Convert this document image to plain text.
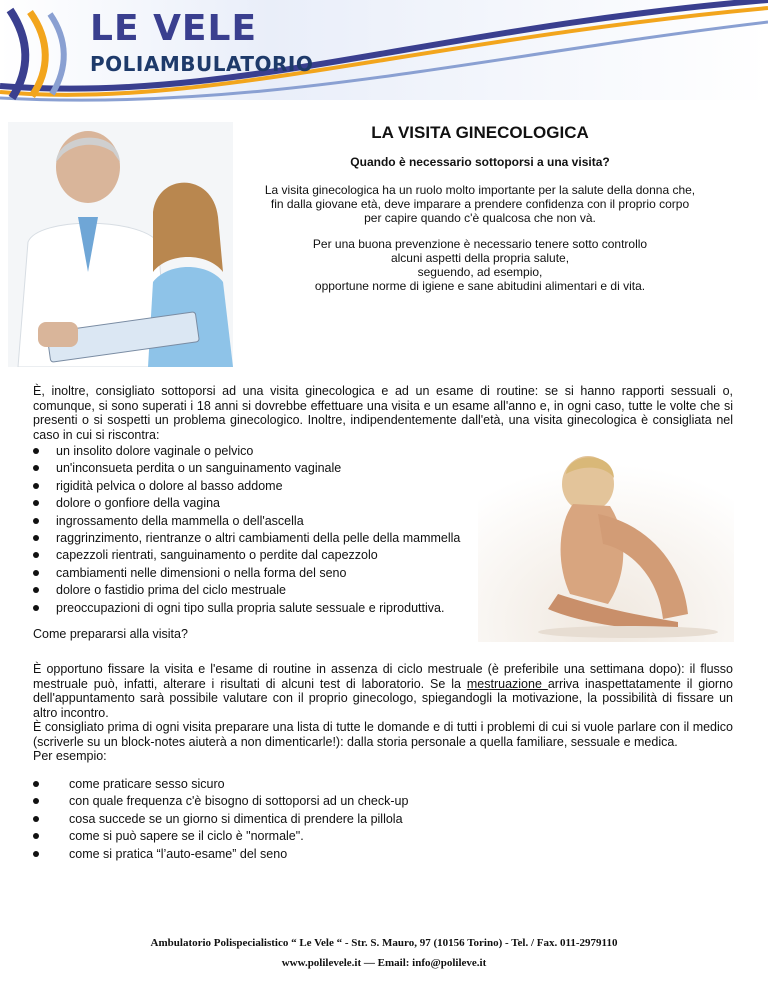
LE VELE
POLIAMBULATORIO
LA VISITA GINECOLOGICA
Quando è necessario sottoporsi a una visita?

La visita ginecologica ha un ruolo molto importante per la salute della donna che,
fin dalla giovane età, deve imparare a prendere confidenza con il proprio corpo
per capire quando c'è qualcosa che non và.

Per una buona prevenzione è necessario tenere sotto controllo
alcuni aspetti della propria salute,
seguendo, ad esempio,
opportune norme di igiene e sane abitudini alimentari e di vita.

È, inoltre, consigliato sottoporsi ad una visita ginecologica e ad un esame di routine: se si hanno rapporti sessuali o, comunque, si sono superati i 18 anni si dovrebbe effettuare una visita e un esame all'anno e, in ogni caso, tutte le volte che si presenti o si sospetti un problema ginecologico. Inoltre, indipendentemente dall'età, una visita ginecologica è consigliata nel caso in cui si riscontra:

un insolito dolore vaginale o pelvico
un'inconsueta perdita o un sanguinamento vaginale
rigidità pelvica o dolore al basso addome
dolore o gonfiore della vagina
ingrossamento della mammella o dell'ascella
raggrinzimento, rientranze o altri cambiamenti della pelle della mammella
capezzoli rientrati, sanguinamento o perdite dal capezzolo
cambiamenti nelle dimensioni o nella forma del seno
dolore o fastidio prima del ciclo mestruale
preoccupazioni di ogni tipo sulla propria salute sessuale e riproduttiva.
Come prepararsi alla visita?

È opportuno fissare la visita e l'esame di routine in assenza di ciclo mestruale (è preferibile una settimana dopo): il flusso mestruale può, infatti, alterare i risultati di alcuni test di laboratorio. Se la mestruazione arriva inaspettatamente il giorno dell'appuntamento sarà possibile valutare con il proprio ginecologo, spiegandogli la motivazione, la possibilità di fissare un altro incontro.

È consigliato prima di ogni visita preparare una lista di tutte le domande e di tutti i problemi di cui si vuole parlare con il medico (scriverle su un block-notes aiuterà a non dimenticarle!): dalla storia personale a quella familiare, sessuale e medica.

Per esempio:

come praticare sesso sicuro
con quale frequenza c'è bisogno di sottoporsi ad un check-up
cosa succede se un giorno si dimentica di prendere la pillola
come si può sapere se il ciclo è "normale".
come si pratica “l’auto-esame” del seno
Ambulatorio Polispecialistico “ Le Vele “ - Str. S. Mauro, 97 (10156 Torino) - Tel. / Fax. 011-2979110
www.polilevele.it — Email: info@polileve.it
